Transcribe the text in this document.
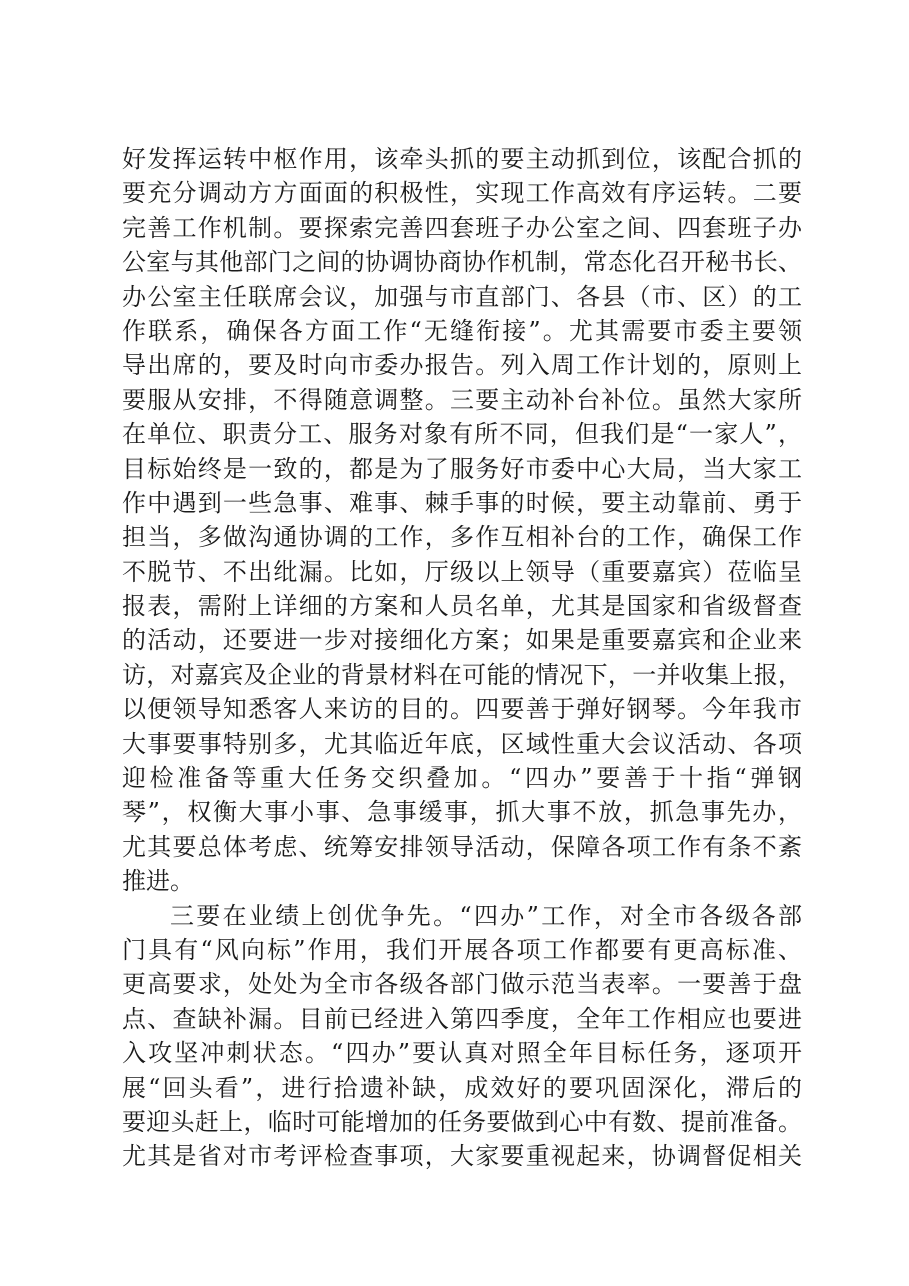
好发挥运转中枢作用，该牵头抓的要主动抓到位，该配合抓的
要充分调动方方面面的积极性，实现工作高效有序运转。二要
完善工作机制。要探索完善四套班子办公室之间、四套班子办
公室与其他部门之间的协调协商协作机制，常态化召开秘书长、
办公室主任联席会议，加强与市直部门、各县（市、区）的工
作联系，确保各方面工作“无缝衔接”。尤其需要市委主要领
导出席的，要及时向市委办报告。列入周工作计划的，原则上
要服从安排，不得随意调整。三要主动补台补位。虽然大家所
在单位、职责分工、服务对象有所不同，但我们是“一家人”，
目标始终是一致的，都是为了服务好市委中心大局，当大家工
作中遇到一些急事、难事、棘手事的时候，要主动靠前、勇于
担当，多做沟通协调的工作，多作互相补台的工作，确保工作
不脱节、不出纰漏。比如，厅级以上领导（重要嘉宾）莅临呈
报表，需附上详细的方案和人员名单，尤其是国家和省级督查
的活动，还要进一步对接细化方案；如果是重要嘉宾和企业来
访，对嘉宾及企业的背景材料在可能的情况下，一并收集上报，
以便领导知悉客人来访的目的。四要善于弹好钢琴。今年我市
大事要事特别多，尤其临近年底，区域性重大会议活动、各项
迎检准备等重大任务交织叠加。“四办”要善于十指“弹钢
琴”，权衡大事小事、急事缓事，抓大事不放，抓急事先办，
尤其要总体考虑、统筹安排领导活动，保障各项工作有条不紊
推进。
三要在业绩上创优争先。“四办”工作，对全市各级各部
门具有“风向标”作用，我们开展各项工作都要有更高标准、
更高要求，处处为全市各级各部门做示范当表率。一要善于盘
点、查缺补漏。目前已经进入第四季度，全年工作相应也要进
入攻坚冲刺状态。“四办”要认真对照全年目标任务，逐项开
展“回头看”，进行拾遗补缺，成效好的要巩固深化，滞后的
要迎头赶上，临时可能增加的任务要做到心中有数、提前准备。
尤其是省对市考评检查事项，大家要重视起来，协调督促相关
